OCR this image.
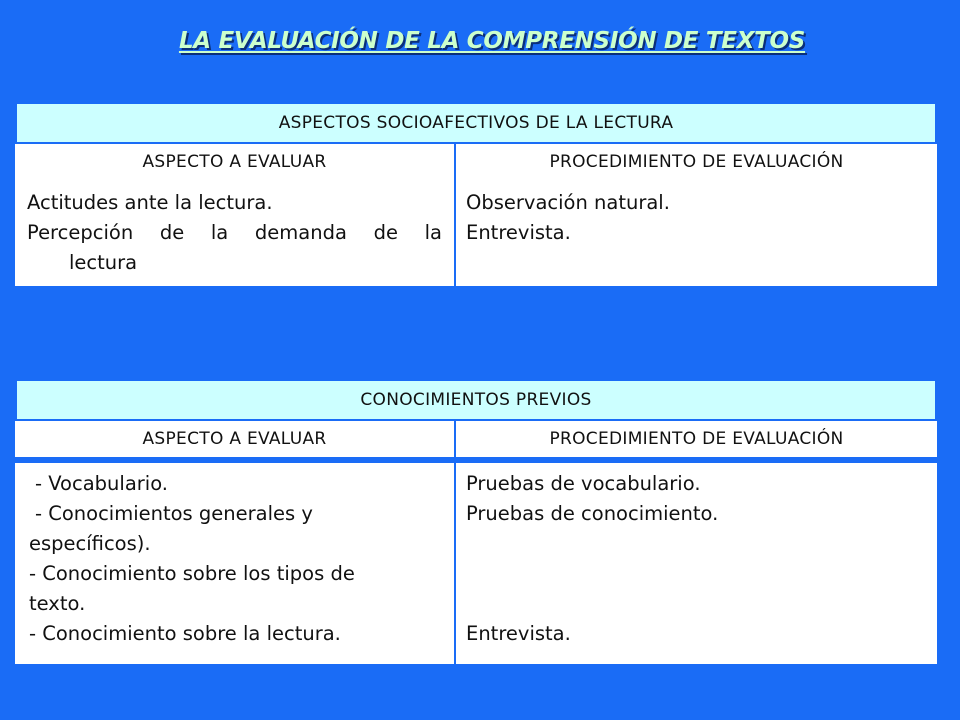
LA EVALUACIÓN DE LA COMPRENSIÓN DE TEXTOS
ASPECTOS SOCIOAFECTIVOS DE LA LECTURA
ASPECTO A EVALUAR	PROCEDIMIENTO DE EVALUACIÓN
Actitudes ante la lectura.
Percepción de la demanda de la
lectura
Observación natural.
Entrevista.
CONOCIMIENTOS PREVIOS
ASPECTO A EVALUAR	PROCEDIMIENTO DE EVALUACIÓN
- Vocabulario.
- Conocimientos generales y
específicos).
- Conocimiento sobre los tipos de
texto.
- Conocimiento sobre la lectura.
Pruebas de vocabulario.
Pruebas de conocimiento.
Entrevista.
